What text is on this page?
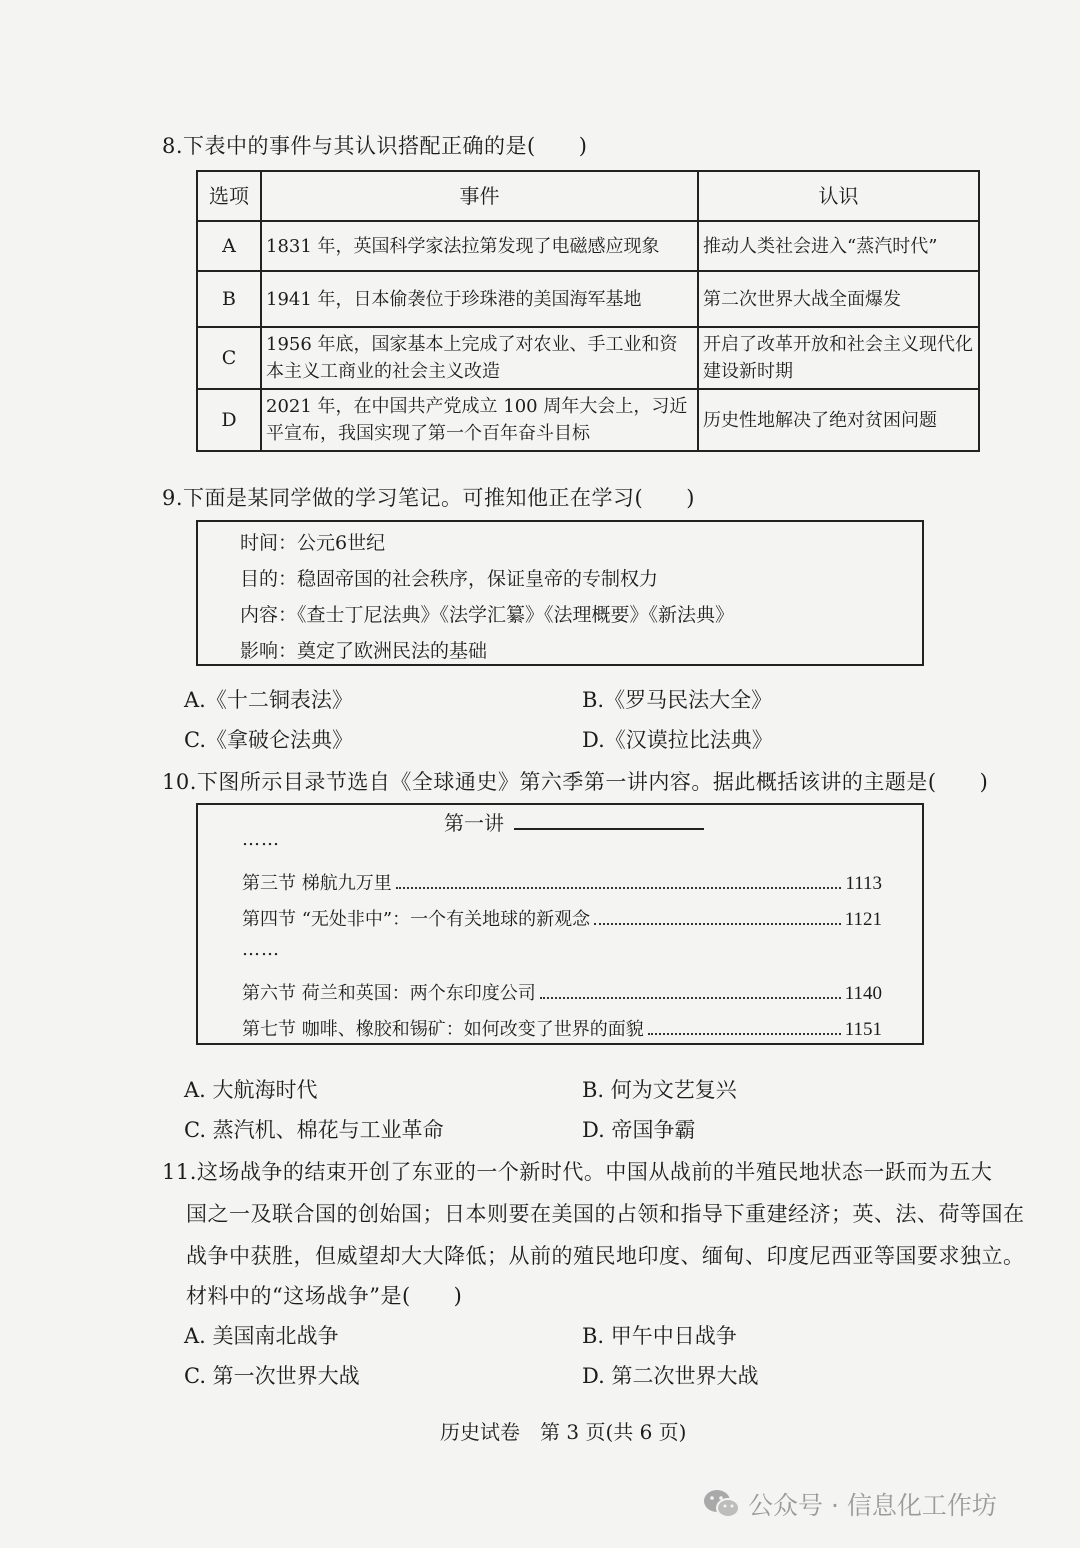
8.下表中的事件与其认识搭配正确的是(　　)
选项	事件	认识
A	1831 年，英国科学家法拉第发现了电磁感应现象	推动人类社会进入“蒸汽时代”
B	1941 年，日本偷袭位于珍珠港的美国海军基地	第二次世界大战全面爆发
C	1956 年底，国家基本上完成了对农业、手工业和资本主义工商业的社会主义改造	开启了改革开放和社会主义现代化建设新时期
D	2021 年，在中国共产党成立 100 周年大会上，习近平宣布，我国实现了第一个百年奋斗目标	历史性地解决了绝对贫困问题
9.下面是某同学做的学习笔记。可推知他正在学习(　　)
时间：公元6世纪
目的：稳固帝国的社会秩序，保证皇帝的专制权力
内容：《查士丁尼法典》《法学汇纂》《法理概要》《新法典》
影响：奠定了欧洲民法的基础
A.《十二铜表法》	B.《罗马民法大全》
C.《拿破仑法典》	D.《汉谟拉比法典》
10.下图所示目录节选自《全球通史》第六季第一讲内容。据此概括该讲的主题是(　　)
第一讲
……
第三节 梯航九万里	1113
第四节 “无处非中”：一个有关地球的新观念	1121
……
第六节 荷兰和英国：两个东印度公司	1140
第七节 咖啡、橡胶和锡矿：如何改变了世界的面貌	1151
A. 大航海时代	B. 何为文艺复兴
C. 蒸汽机、棉花与工业革命	D. 帝国争霸
11.这场战争的结束开创了东亚的一个新时代。中国从战前的半殖民地状态一跃而为五大
国之一及联合国的创始国；日本则要在美国的占领和指导下重建经济；英、法、荷等国在
战争中获胜，但威望却大大降低；从前的殖民地印度、缅甸、印度尼西亚等国要求独立。
材料中的“这场战争”是(　　)
A. 美国南北战争	B. 甲午中日战争
C. 第一次世界大战	D. 第二次世界大战
历史试卷　第 3 页(共 6 页)
公众号 · 信息化工作坊
